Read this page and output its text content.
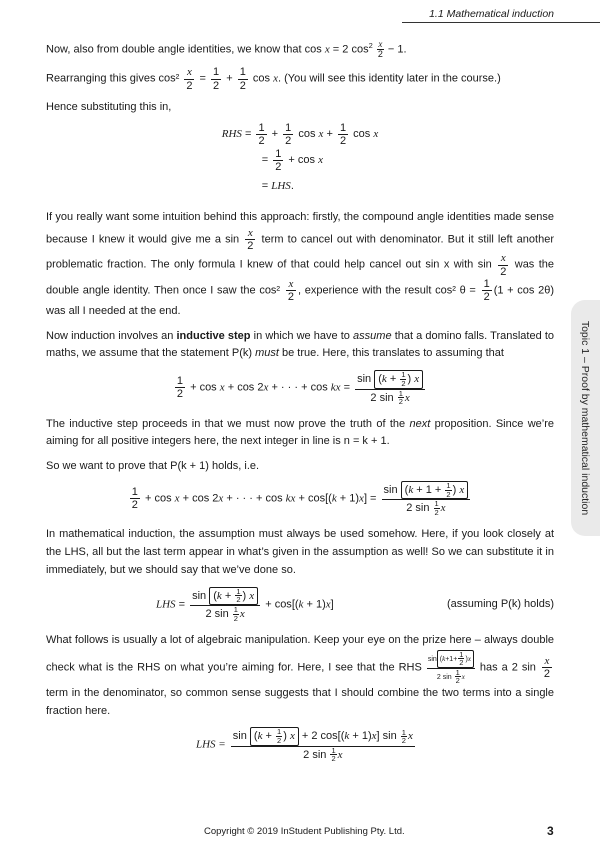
1.1 Mathematical induction
Topic 1 – Proof by mathematical induction

Now, also from double angle identities, we know that cos x = 2 $\cos^2 \frac{x}{2} - 1$.

Rearranging this gives $\cos^2 \frac{x}{2} = \frac{1}{2} + \frac{1}{2}$ cos x. (You will see this identity later in the course.)

Hence substituting this in,

RHS = $\frac{1}{2} + \frac{1}{2}$ $\cos x + \frac{1}{2}$ cos x
= $\frac{1}{2} + \cos x$
= LHS.

If you really want some intuition behind this approach: firstly, the compound angle identities made sense because I knew it would give me a $\sin \frac{x}{2}$ term to cancel out with denominator. But it still left another problematic fraction. The only formula I knew of that could help cancel out sin x with $\sin \frac{x}{2}$ was the double angle identity. Then once I saw the $\cos^2 \frac{x}{2}$ , experience with the result cos² $\theta = \frac{1}{2} (1 + \cos 2\theta)$ was all I needed at the end.

Now induction involves an inductive step in which we have to assume that a domino falls. Translated to maths, we assume that the statement P(k) must be true. Here, this translates to assuming that

$\frac{1}{2} + \cos x + \cos 2x$ + · · · + cos kx = $\frac{\sin (k + \frac{1}{2} ) x}{2 \sin \frac{1}{2} x}$

The inductive step proceeds in that we must now prove the truth of the next proposition. Since we’re aiming for all positive integers here, the next integer in line is n = k + 1.

So we want to prove that P(k + 1) holds, i.e.

$\frac{1}{2} + \cos x + \cos 2x$ + · · · + cos kx + $\cos[(k + 1)x] = \frac{\sin (k + 1 + \frac{1}{2} ) x}{2 \sin \frac{1}{2} x}$

In mathematical induction, the assumption must always be used somehow. Here, if you look closely at the LHS, all but the last term appear in what’s given in the assumption as well! So we can substitute it in immediately, but we should say that we’ve done so.

LHS = $\frac{\sin (k + \frac{1}{2} ) x}{2 \sin \frac{1}{2} x} + \cos[(k + 1)x]$	(assuming P(k) holds)

What follows is usually a lot of algebraic manipulation. Keep your eye on the prize here – always double check what is the RHS on what you’re aiming for. Here, I see that the RHS $\frac{\sin (k+1+ \frac{1}{2} )x}{2 \sin \frac{1}{2} x}$ has a 2 $\sin \frac{x}{2}$
term in the denominator, so common sense suggests that I should combine the two terms into a single fraction here.

LHS = $\frac{\sin (k + \frac{1}{2} ) x + 2 \cos[(k + 1)x] \sin \frac{1}{2} x}{2 \sin \frac{1}{2} x}$
Copyright © 2019 InStudent Publishing Pty. Ltd.	3
